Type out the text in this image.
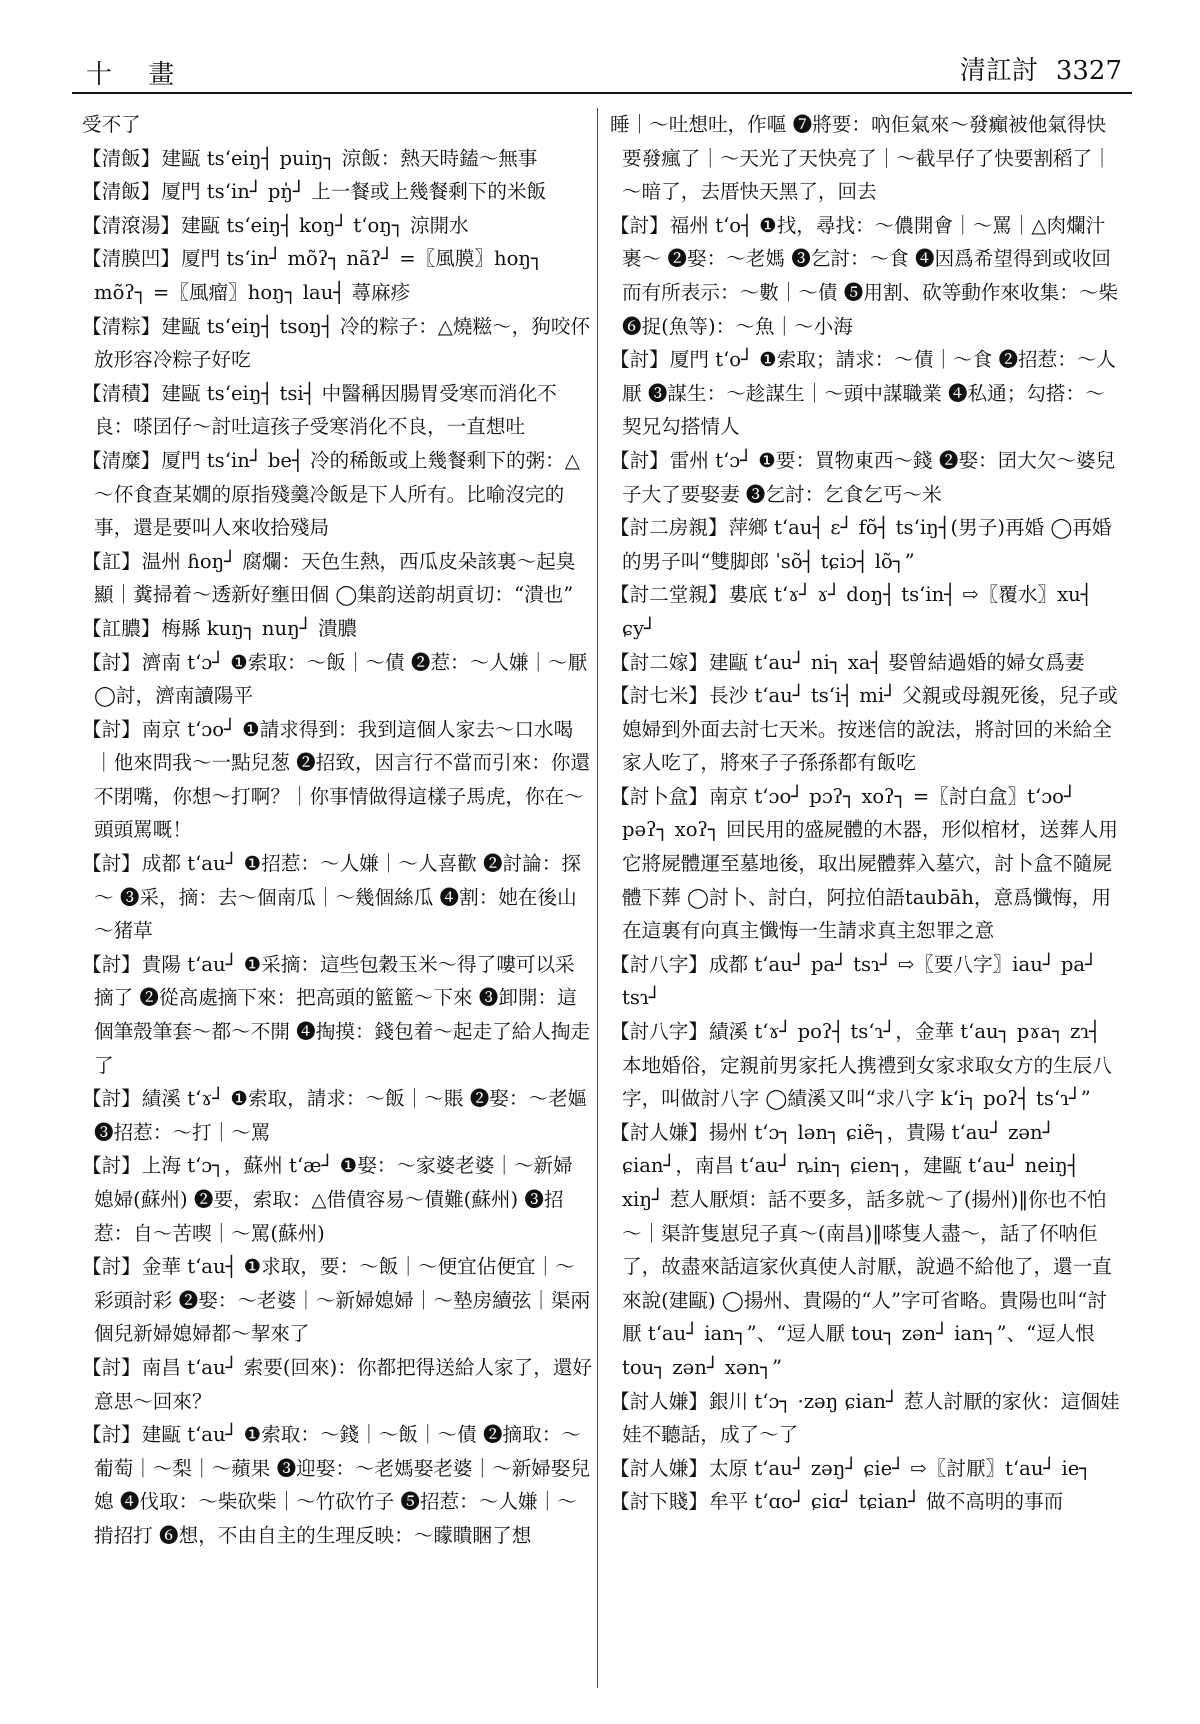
十 畫	清訌討 3327

受不了

【清飯】建甌 tsʻeiŋ┤ puiŋ┐ 涼飯：熱天時鎑～無事

【清飯】厦門 tsʻin┘ pŋ̍┘ 上一餐或上幾餐剩下的米飯

【清滾湯】建甌 tsʻeiŋ┤ koŋ┘ tʻoŋ┐ 涼開水

【清膜凹】厦門 tsʻin┘ mõʔ┐ nãʔ┘ =〖風膜〗hoŋ┐ mõʔ┐ =〖風瘤〗hoŋ┐ lau┤ 蕁麻疹

【清粽】建甌 tsʻeiŋ┤ tsoŋ┤ 冷的粽子：△燒糍～，狗咬伓放形容冷粽子好吃

【清積】建甌 tsʻeiŋ┤ tsi┤ 中醫稱因腸胃受寒而消化不良：嗏囝仔～討吐這孩子受寒消化不良，一直想吐

【清糜】厦門 tsʻin┘ be┤ 冷的稀飯或上幾餐剩下的粥：△～伓食查某嫺的原指殘羹冷飯是下人所有。比喻沒完的事，還是要叫人來收拾殘局

【訌】温州 ɦoŋ┘ 腐爛：天色生熱，西瓜皮朵該裏～起臭顯｜糞掃着～透新好壅田個 ◯集韵送韵胡貢切：“潰也”

【訌膿】梅縣 kuŋ┐ nuŋ┘ 潰膿

【討】濟南 tʻɔ┘ ❶索取：～飯｜～債 ❷惹：～人嫌｜～厭 ◯討，濟南讀陽平

【討】南京 tʻɔo┘ ❶請求得到：我到這個人家去～口水喝｜他來問我～一點兒葱 ❷招致，因言行不當而引來：你還不閉嘴，你想～打啊？｜你事情做得這樣子馬虎，你在～頭頭罵嘅！

【討】成都 tʻau┘ ❶招惹：～人嫌｜～人喜歡 ❷討論：探～ ❸采，摘：去～個南瓜｜～幾個絲瓜 ❹割：她在後山～猪草

【討】貴陽 tʻau┘ ❶采摘：這些包穀玉米～得了嘍可以采摘了 ❷從高處摘下來：把高頭的籃籃～下來 ❸卸開：這個筆殼筆套～都～不開 ❹掏摸：錢包着～起走了給人掏走了

【討】績溪 tʻɤ┘ ❶索取，請求：～飯｜～賬 ❷娶：～老嫗 ❸招惹：～打｜～罵

【討】上海 tʻɔ┐，蘇州 tʻæ┘ ❶娶：～家婆老婆｜～新婦媳婦(蘇州) ❷要，索取：△借債容易～債難(蘇州) ❸招惹：自～苦喫｜～罵(蘇州)

【討】金華 tʻau┤ ❶求取，要：～飯｜～便宜佔便宜｜～彩頭討彩 ❷娶：～老婆｜～新婦媳婦｜～墊房續弦｜渠兩個兒新婦媳婦都～挈來了

【討】南昌 tʻau┘ 索要(回來)：你都把得送給人家了，還好意思～回來？

【討】建甌 tʻau┘ ❶索取：～錢｜～飯｜～債 ❷摘取：～葡萄｜～梨｜～蘋果 ❸迎娶：～老媽娶老婆｜～新婦娶兒媳 ❹伐取：～柴砍柴｜～竹砍竹子 ❺招惹：～人嫌｜～掯招打 ❻想，不由自主的生理反映：～矇瞶睏了想

睡｜～吐想吐，作嘔 ❼將要：吶佢氣來～發癲被他氣得快要發瘋了｜～天光了天快亮了｜～截早仔了快要割稻了｜～暗了，去厝快天黑了，回去

【討】福州 tʻo┤ ❶找，尋找：～儂開會｜～罵｜△肉爛汁裹～ ❷娶：～老媽 ❸乞討：～食 ❹因爲希望得到或收回而有所表示：～數｜～債 ❺用割、砍等動作來收集：～柴 ❻捉(魚等)：～魚｜～小海

【討】厦門 tʻo┘ ❶索取；請求：～債｜～食 ❷招惹：～人厭 ❸謀生：～趁謀生｜～頭中謀職業 ❹私通；勾搭：～契兄勾搭情人

【討】雷州 tʻɔ┘ ❶要：買物東西～錢 ❷娶：囝大欠～婆兒子大了要娶妻 ❸乞討：乞食乞丐～米

【討二房親】萍鄉 tʻau┤ ɛ┘ fõ┤ tsʻiŋ┤(男子)再婚 ◯再婚的男子叫“雙脚郎 ˈsõ┤ tɕiɔ┤ lõ┐”

【討二堂親】婁底 tʻɤ┘ ɤ┘ doŋ┤ tsʻin┤ ⇨〖覆水〗xu┤ ɕy┘

【討二嫁】建甌 tʻau┘ ni┐ xa┤ 娶曾結過婚的婦女爲妻

【討七米】長沙 tʻau┘ tsʻi┤ mi┘ 父親或母親死後，兒子或媳婦到外面去討七天米。按迷信的說法，將討回的米給全家人吃了，將來子子孫孫都有飯吃

【討卜盒】南京 tʻɔo┘ pɔʔ┐ xoʔ┐ =〖討白盒〗tʻɔo┘ pəʔ┐ xoʔ┐ 回民用的盛屍體的木器，形似棺材，送葬人用它將屍體運至墓地後，取出屍體葬入墓穴，討卜盒不隨屍體下葬 ◯討卜、討白，阿拉伯語taubāh，意爲懺悔，用在這裏有向真主懺悔一生請求真主恕罪之意

【討八字】成都 tʻau┘ pa┘ tsɿ┘ ⇨〖要八字〗iau┘ pa┘ tsɿ┘

【討八字】績溪 tʻɤ┘ poʔ┤ tsʻɿ┘，金華 tʻau┐ pɤa┐ zɿ┤ 本地婚俗，定親前男家托人携禮到女家求取女方的生辰八字，叫做討八字 ◯績溪又叫“求八字 kʻi┐ poʔ┤ tsʻɿ┘”

【討人嫌】揚州 tʻɔ┐ lən┐ ɕiẽ┐，貴陽 tʻau┘ zən┘ ɕian┘，南昌 tʻau┘ ȵin┐ ɕien┐，建甌 tʻau┘ neiŋ┤ xiŋ┘ 惹人厭煩：話不要多，話多就～了(揚州)‖你也不怕～｜渠許隻崽兒子真～(南昌)‖嗏隻人盡～，話了伓呐佢了，故盡來話這家伙真使人討厭，說過不給他了，還一直來說(建甌) ◯揚州、貴陽的“人”字可省略。貴陽也叫“討厭 tʻau┘ ian┐”、“逗人厭 tou┐ zən┘ ian┐”、“逗人恨 tou┐ zən┘ xən┐”

【討人嫌】銀川 tʻɔ┐ ·zəŋ ɕian┘ 惹人討厭的家伙：這個娃娃不聽話，成了～了

【討人嫌】太原 tʻau┘ zəŋ┘ ɕie┘ ⇨〖討厭〗tʻau┘ ie┐

【討下賤】牟平 tʻɑo┘ ɕiɑ┘ tɕian┘ 做不高明的事而
